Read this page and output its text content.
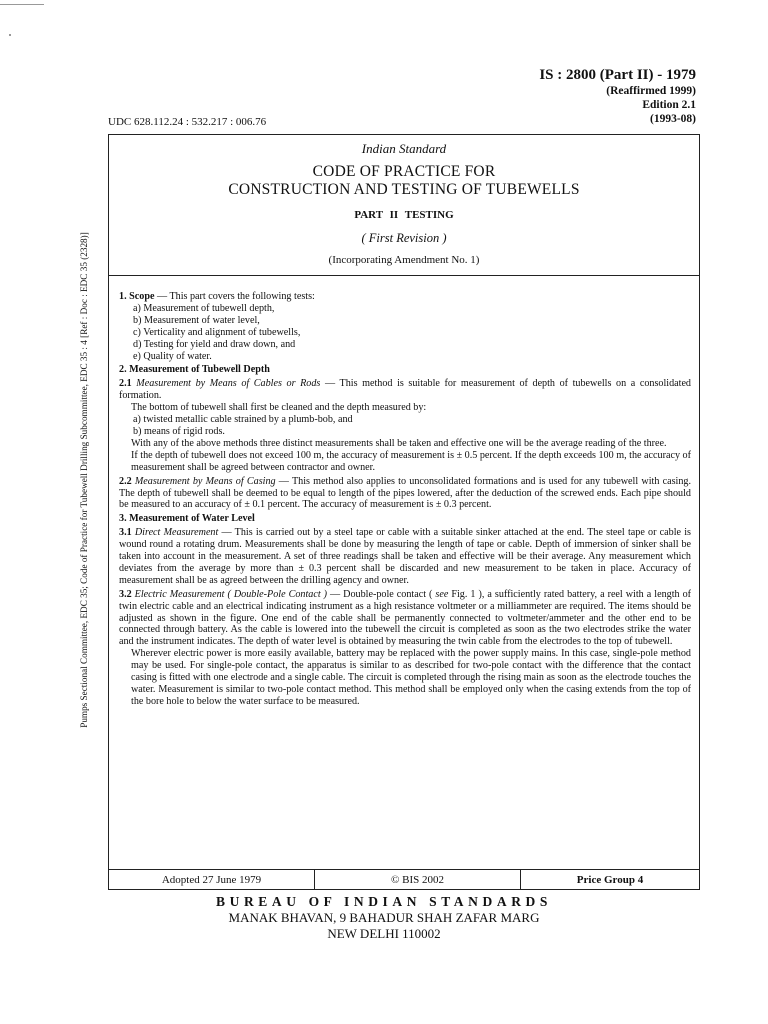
IS : 2800 (Part II) - 1979
(Reaffirmed 1999)
Edition 2.1
(1993-08)
UDC 628.112.24 : 532.217 : 006.76
Pumps Sectional Committee, EDC 35; Code of Practice for Tubewell Drilling Subcommittee, EDC 35 : 4 [Ref : Doc : EDC 35 (2328)]
Indian Standard
CODE OF PRACTICE FOR
CONSTRUCTION AND TESTING OF TUBEWELLS
PART II TESTING
( First Revision )
(Incorporating Amendment No. 1)

1. Scope — This part covers the following tests:

a) Measurement of tubewell depth,
b) Measurement of water level,
c) Verticality and alignment of tubewells,
d) Testing for yield and draw down, and
e) Quality of water.

2. Measurement of Tubewell Depth

2.1 Measurement by Means of Cables or Rods — This method is suitable for measurement of depth of tubewells on a consolidated formation.

The bottom of tubewell shall first be cleaned and the depth measured by:

a) twisted metallic cable strained by a plumb-bob, and
b) means of rigid rods.

With any of the above methods three distinct measurements shall be taken and effective one will be the average reading of the three.

If the depth of tubewell does not exceed 100 m, the accuracy of measurement is ± 0.5 percent. If the depth exceeds 100 m, the accuracy of measurement shall be agreed between contractor and owner.

2.2 Measurement by Means of Casing — This method also applies to unconsolidated formations and is used for any tubewell with casing. The depth of tubewell shall be deemed to be equal to length of the pipes lowered, after the deduction of the screwed ends. Each pipe should be measured to an accuracy of ± 0.1 percent. The accuracy of measurement is ± 0.3 percent.

3. Measurement of Water Level

3.1 Direct Measurement — This is carried out by a steel tape or cable with a suitable sinker attached at the end. The steel tape or cable is wound round a rotating drum. Measurements shall be done by measuring the length of tape or cable. Depth of immersion of sinker shall be taken into account in the measurement. A set of three readings shall be taken and effective will be their average. Any measurement which deviates from the average by more than ± 0.3 percent shall be discarded and new measurement to be taken in place. Accuracy of measurement shall be as agreed between the drilling agency and owner.

3.2 Electric Measurement ( Double-Pole Contact ) — Double-pole contact ( see Fig. 1 ), a sufficiently rated battery, a reel with a length of twin electric cable and an electrical indicating instrument as a high resistance voltmeter or a milliammeter are required. The items should be adjusted as shown in the figure. One end of the cable shall be permanently connected to voltmeter/ammeter and the other end to be connected through battery. As the cable is lowered into the tubewell the circuit is completed as soon as the two electrodes strike the water and the instrument indicates. The depth of water level is obtained by measuring the twin cable from the electrodes to the top of tubewell.

Wherever electric power is more easily available, battery may be replaced with the power supply mains. In this case, single-pole method may be used. For single-pole contact, the apparatus is similar to as described for two-pole contact with the difference that the contact casing is fitted with one electrode and a single cable. The circuit is completed through the rising main as soon as the electrode touches the water. Measurement is similar to two-pole contact method. This method shall be employed only when the casing extends from the top of the bore hole to below the water surface to be measured.

Adopted 27 June 1979	© BIS 2002	Price Group 4
BUREAU OF INDIAN STANDARDS
MANAK BHAVAN, 9 BAHADUR SHAH ZAFAR MARG
NEW DELHI 110002
